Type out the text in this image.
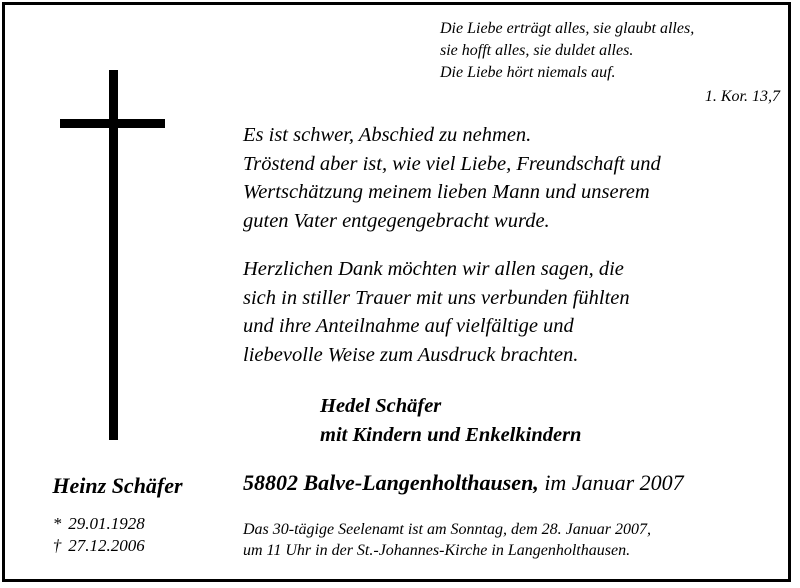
Die Liebe erträgt alles, sie glaubt alles,
sie hofft alles, sie duldet alles.
Die Liebe hört niemals auf.
1. Kor. 13,7
Es ist schwer, Abschied zu nehmen.
Tröstend aber ist, wie viel Liebe, Freundschaft und
Wertschätzung meinem lieben Mann und unserem
guten Vater entgegengebracht wurde.
Herzlichen Dank möchten wir allen sagen, die
sich in stiller Trauer mit uns verbunden fühlten
und ihre Anteilnahme auf vielfältige und
liebevolle Weise zum Ausdruck brachten.
Hedel Schäfer
mit Kindern und Enkelkindern
Heinz Schäfer
* 29.01.1928
† 27.12.2006
58802 Balve-Langenholthausen, im Januar 2007
Das 30-tägige Seelenamt ist am Sonntag, dem 28. Januar 2007,
um 11 Uhr in der St.-Johannes-Kirche in Langenholthausen.
